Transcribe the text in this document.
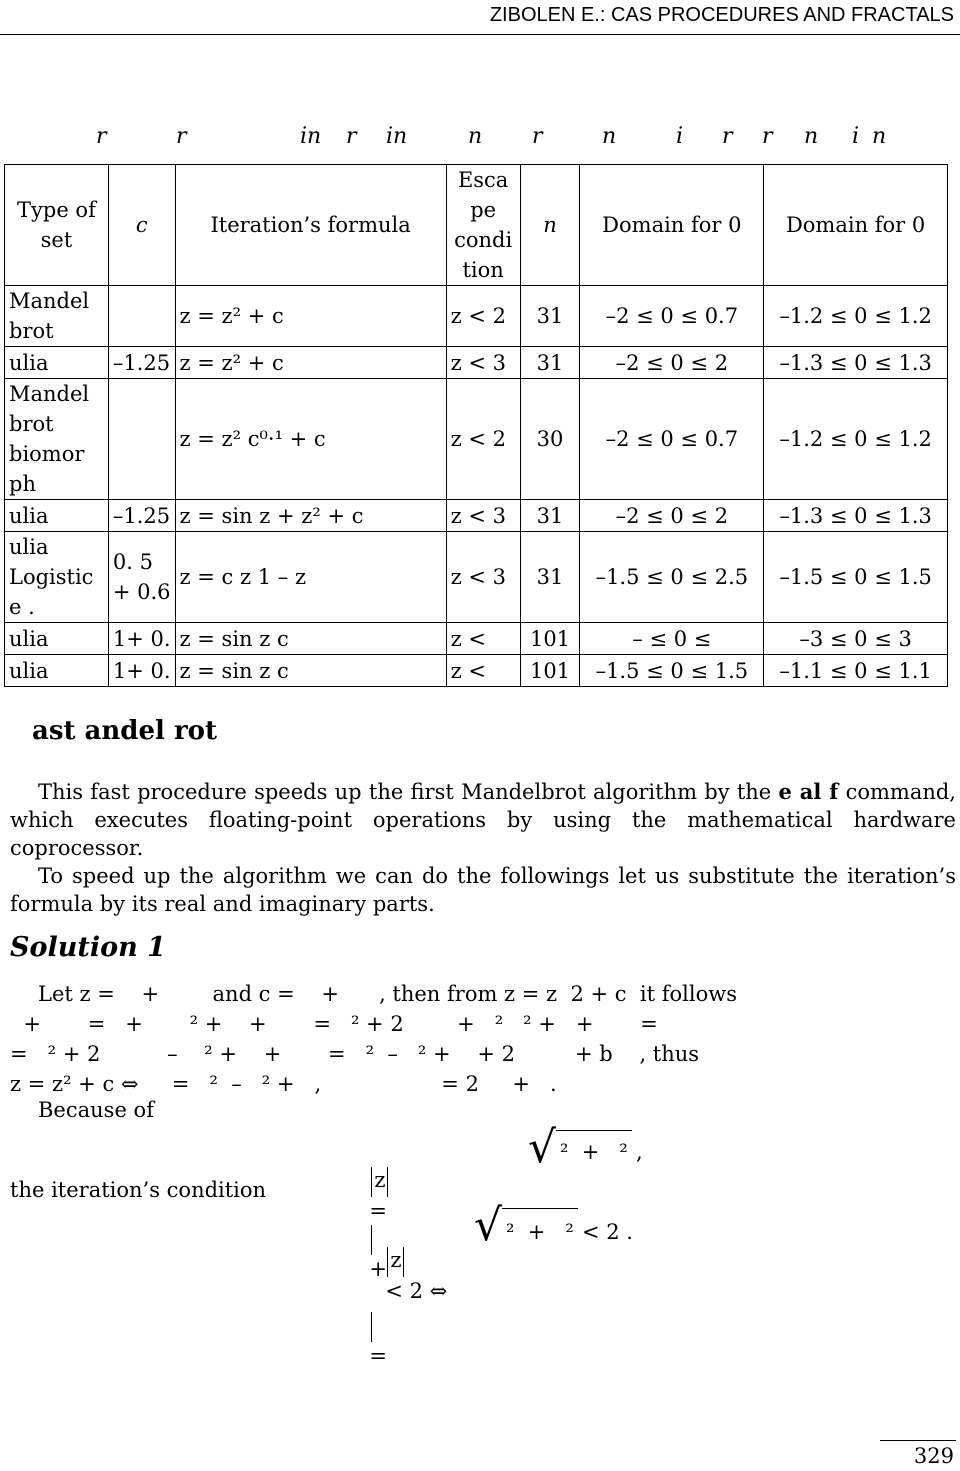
ZIBOLEN E.: CAS PROCEDURES AND FRACTALS
r	r	in r in	n r	n	i r r n i n
Type of set	c	Iteration’s formula	Esca pe condi tion	n	Domain for 0	Domain for 0
Mandel brot		z = z² + c	z < 2	31	–2 ≤ 0 ≤ 0.7	–1.2 ≤ 0 ≤ 1.2
ulia	–1.25	z = z² + c	z < 3	31	–2 ≤ 0 ≤ 2	–1.3 ≤ 0 ≤ 1.3
Mandel brot biomor ph		z = z² c⁰·¹ + c	z < 2	30	–2 ≤ 0 ≤ 0.7	–1.2 ≤ 0 ≤ 1.2
ulia	–1.25	z = sin z + z² + c	z < 3	31	–2 ≤ 0 ≤ 2	–1.3 ≤ 0 ≤ 1.3
ulia Logistic e .	0. 5 + 0.6	z = c z 1 – z	z < 3	31	–1.5 ≤ 0 ≤ 2.5	–1.5 ≤ 0 ≤ 1.5
ulia	1+ 0.	z = sin z c	z <	101	– ≤ 0 ≤	–3 ≤ 0 ≤ 3
ulia	1+ 0.	z = sin z c	z <	101	–1.5 ≤ 0 ≤ 1.5	–1.1 ≤ 0 ≤ 1.1
ast andel rot
This fast procedure speeds up the first Mandelbrot algorithm by the e al f command, which executes floating-point operations by using the mathematical hardware coprocessor.
To speed up the algorithm we can do the followings let us substitute the iteration’s formula by its real and imaginary parts.
Solution 1
Let z =    +        and c =    +      , then from z = z  2 + c  it follows
+       =   +       ² +    +       =   ² + 2        +   ²   ² +   +       =
=   ² + 2          –    ² +    +       =   ²  –   ² +    + 2         + b    , thus
z = z² + c ⇔     =   ²  –   ² +   ,                  = 2     +   .
Because of

z
=

+

=

√ ²  +   ² ,
the iteration’s condition

z
< 2 ⇔

√ ²  +   ² < 2 .
329
